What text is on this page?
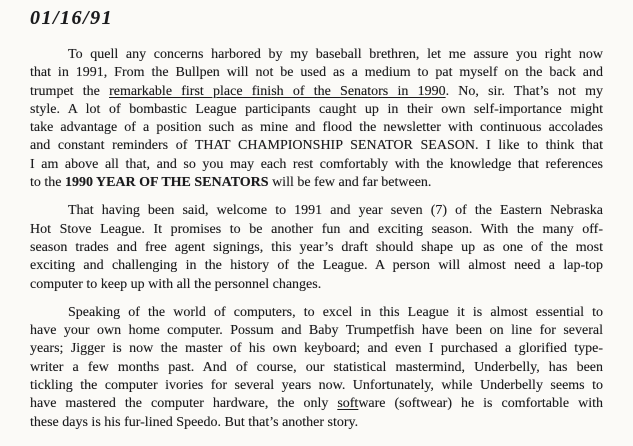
01/16/91
To quell any concerns harbored by my baseball brethren, let me assure you right now
that in 1991, From the Bullpen will not be used as a medium to pat myself on the back and
trumpet the remarkable first place finish of the Senators in 1990. No, sir. That’s not my
style. A lot of bombastic League participants caught up in their own self-importance might
take advantage of a position such as mine and flood the newsletter with continuous accolades
and constant reminders of THAT CHAMPIONSHIP SENATOR SEASON. I like to think that
I am above all that, and so you may each rest comfortably with the knowledge that references
to the 1990 YEAR OF THE SENATORS will be few and far between.
That having been said, welcome to 1991 and year seven (7) of the Eastern Nebraska
Hot Stove League. It promises to be another fun and exciting season. With the many off-
season trades and free agent signings, this year’s draft should shape up as one of the most
exciting and challenging in the history of the League. A person will almost need a lap-top
computer to keep up with all the personnel changes.
Speaking of the world of computers, to excel in this League it is almost essential to
have your own home computer. Possum and Baby Trumpetfish have been on line for several
years; Jigger is now the master of his own keyboard; and even I purchased a glorified type-
writer a few months past. And of course, our statistical mastermind, Underbelly, has been
tickling the computer ivories for several years now. Unfortunately, while Underbelly seems to
have mastered the computer hardware, the only software (softwear) he is comfortable with
these days is his fur-lined Speedo. But that’s another story.
